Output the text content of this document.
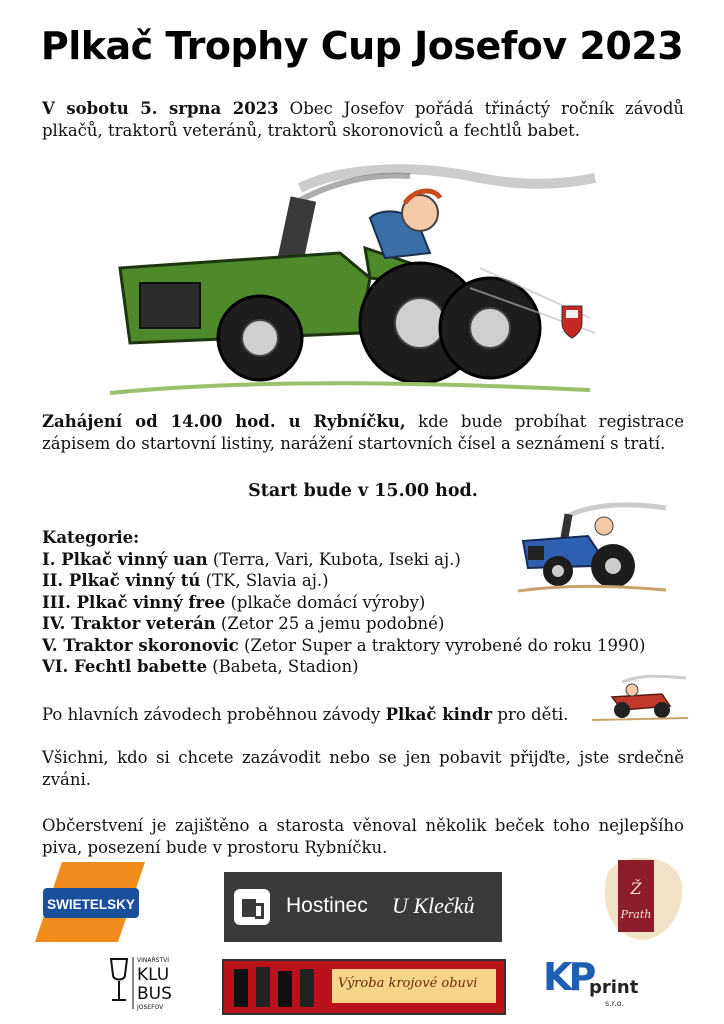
Plkač Trophy Cup Josefov 2023

V sobotu 5. srpna 2023 Obec Josefov pořádá třináctý ročník závodů plkačů, traktorů veteránů, traktorů skoronoviců a fechtlů babet.

Zahájení od 14.00 hod. u Rybníčku, kde bude probíhat registrace zápisem do startovní listiny, narážení startovních čísel a seznámení s tratí.

Start bude v 15.00 hod.

Kategorie:
I. Plkač vinný uan (Terra, Vari, Kubota, Iseki aj.)
II. Plkač vinný tú (TK, Slavia aj.)
III. Plkač vinný free (plkače domácí výroby)
IV. Traktor veterán (Zetor 25 a jemu podobné)
V. Traktor skoronovic (Zetor Super a traktory vyrobené do roku 1990)
VI. Fechtl babette (Babeta, Stadion)

Po hlavních závodech proběhnou závody Plkač kindr pro děti.

Všichni, kdo si chcete zazávodit nebo se jen pobavit přijďte, jste srdečně zváni.

Občerstvení je zajištěno a starosta věnoval několik beček toho nejlepšího piva, posezení bude v prostoru Rybníčku.

SWIETELSKY	Hostinec U Klečků
Ž
Prath
VINAŘSTVÍ
KLU
BUS
JOSEFOV
Výroba krojové obuvi KP
print
s.r.o.
